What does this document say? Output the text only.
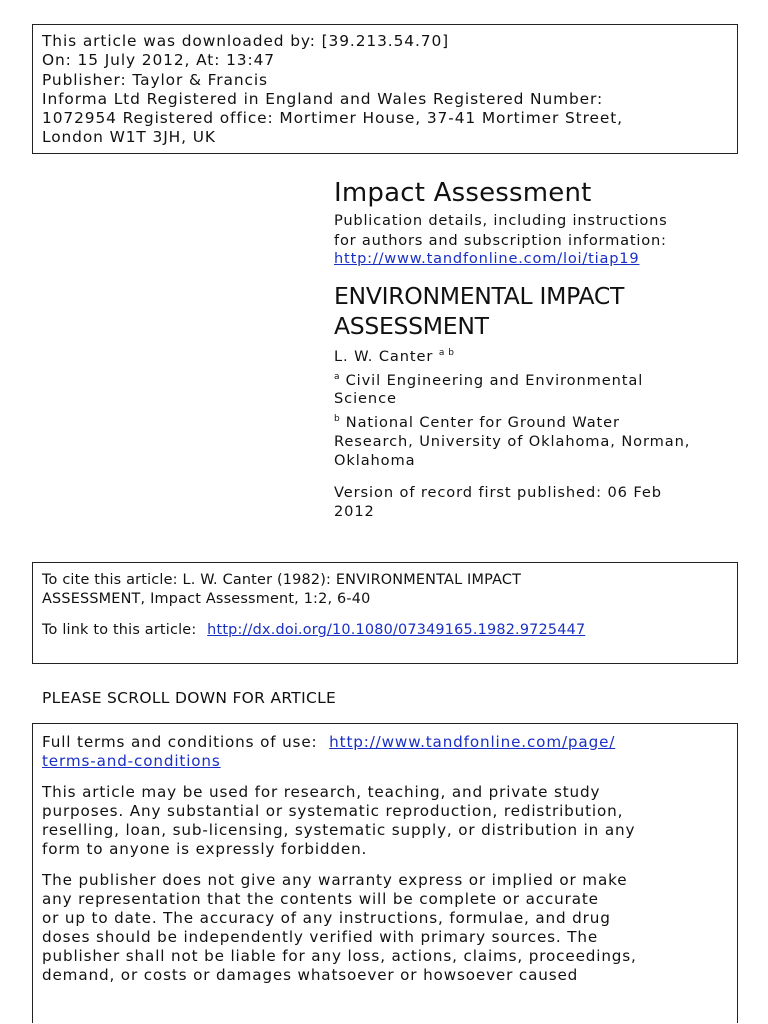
This article was downloaded by: [39.213.54.70]
On: 15 July 2012, At: 13:47
Publisher: Taylor & Francis
Informa Ltd Registered in England and Wales Registered Number:
1072954 Registered office: Mortimer House, 37-41 Mortimer Street,
London W1T 3JH, UK
Impact Assessment
Publication details, including instructions
for authors and subscription information:
http://www.tandfonline.com/loi/tiap19
ENVIRONMENTAL IMPACT
ASSESSMENT
L. W. Canter $^{a b}$
$^a$ Civil Engineering and Environmental
Science
$^b$ National Center for Ground Water
Research, University of Oklahoma, Norman,
Oklahoma
Version of record first published: 06 Feb
2012
To cite this article: L. W. Canter (1982): ENVIRONMENTAL IMPACT
ASSESSMENT, Impact Assessment, 1:2, 6-40
To link to this article: http://dx.doi.org/10.1080/07349165.1982.9725447
PLEASE SCROLL DOWN FOR ARTICLE
Full terms and conditions of use: http://www.tandfonline.com/page/
terms-and-conditions
This article may be used for research, teaching, and private study
purposes. Any substantial or systematic reproduction, redistribution,
reselling, loan, sub-licensing, systematic supply, or distribution in any
form to anyone is expressly forbidden.
The publisher does not give any warranty express or implied or make
any representation that the contents will be complete or accurate
or up to date. The accuracy of any instructions, formulae, and drug
doses should be independently verified with primary sources. The
publisher shall not be liable for any loss, actions, claims, proceedings,
demand, or costs or damages whatsoever or howsoever caused
